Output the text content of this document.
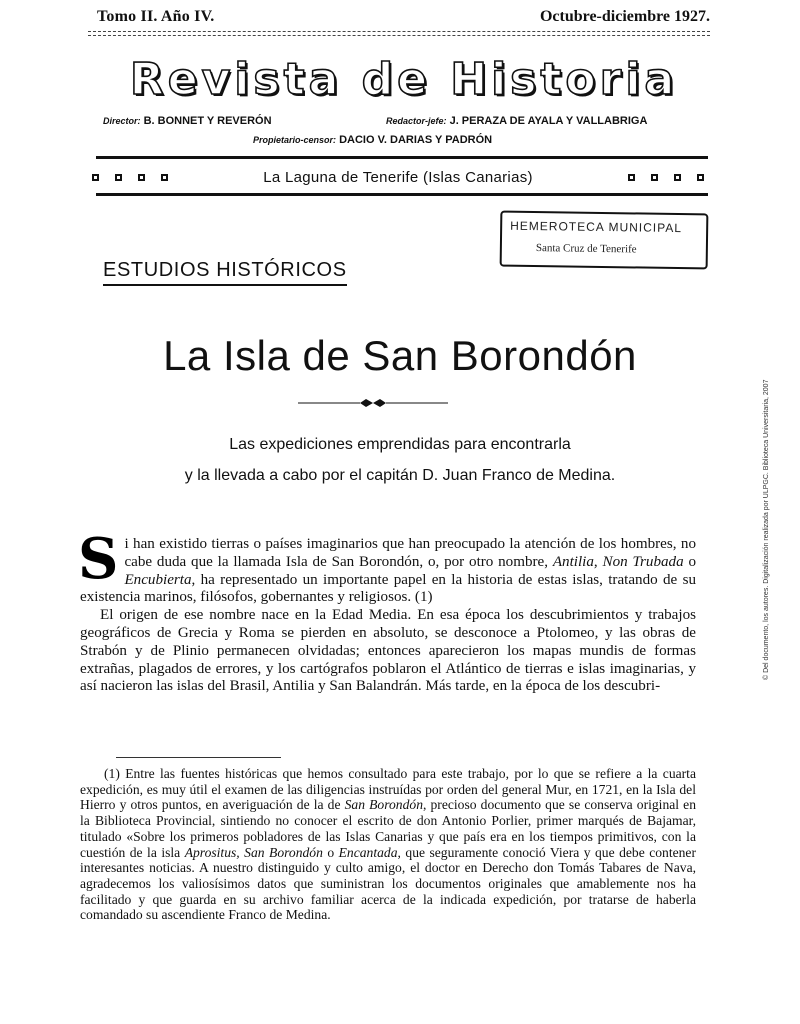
Tomo II. Año IV.	Octubre-diciembre 1927.
Revista de Historia
Director: B. BONNET Y REVERÓN	Redactor-jefe: J. PERAZA DE AYALA Y VALLABRIGA
Propietario-censor: DACIO V. DARIAS Y PADRÓN
La Laguna de Tenerife (Islas Canarias)
HEMEROTECA MUNICIPAL
Santa Cruz de Tenerife
ESTUDIOS HISTÓRICOS
La Isla de San Borondón
Las expediciones emprendidas para encontrarla
y la llevada a cabo por el capitán D. Juan Franco de Medina.

Si han existido tierras o países imaginarios que han preocupado la atención de los hombres, no cabe duda que la llamada Isla de San Borondón, o, por otro nombre, Antilia, Non Trubada o Encubierta, ha representado un importante papel en la historia de estas islas, tratando de su existencia marinos, filósofos, gobernantes y religiosos. (1)

El origen de ese nombre nace en la Edad Media. En esa época los descubrimientos y trabajos geográficos de Grecia y Roma se pierden en absoluto, se desconoce a Ptolomeo, y las obras de Strabón y de Plinio permanecen olvidadas; entonces aparecieron los mapas mundis de formas extrañas, plagados de errores, y los cartógrafos poblaron el Atlántico de tierras e islas imaginarias, y así nacieron las islas del Brasil, Antilia y San Balandrán. Más tarde, en la época de los descubri-

(1) Entre las fuentes históricas que hemos consultado para este trabajo, por lo que se refiere a la cuarta expedición, es muy útil el examen de las diligencias instruídas por orden del general Mur, en 1721, en la Isla del Hierro y otros puntos, en averiguación de la de San Borondón, precioso documento que se conserva original en la Biblioteca Provincial, sintiendo no conocer el escrito de don Antonio Porlier, primer marqués de Bajamar, titulado «Sobre los primeros pobladores de las Islas Canarias y que país era en los tiempos primitivos, con la cuestión de la isla Aprositus, San Borondón o Encantada, que seguramente conoció Viera y que debe contener interesantes noticias. A nuestro distinguido y culto amigo, el doctor en Derecho don Tomás Tabares de Nava, agradecemos los valiosísimos datos que suministran los documentos originales que amablemente nos ha facilitado y que guarda en su archivo familiar acerca de la indicada expedición, por tratarse de haberla comandado su ascendiente Franco de Medina.

© Del documento, los autores. Digitalización realizada por ULPGC. Biblioteca Universitaria, 2007
